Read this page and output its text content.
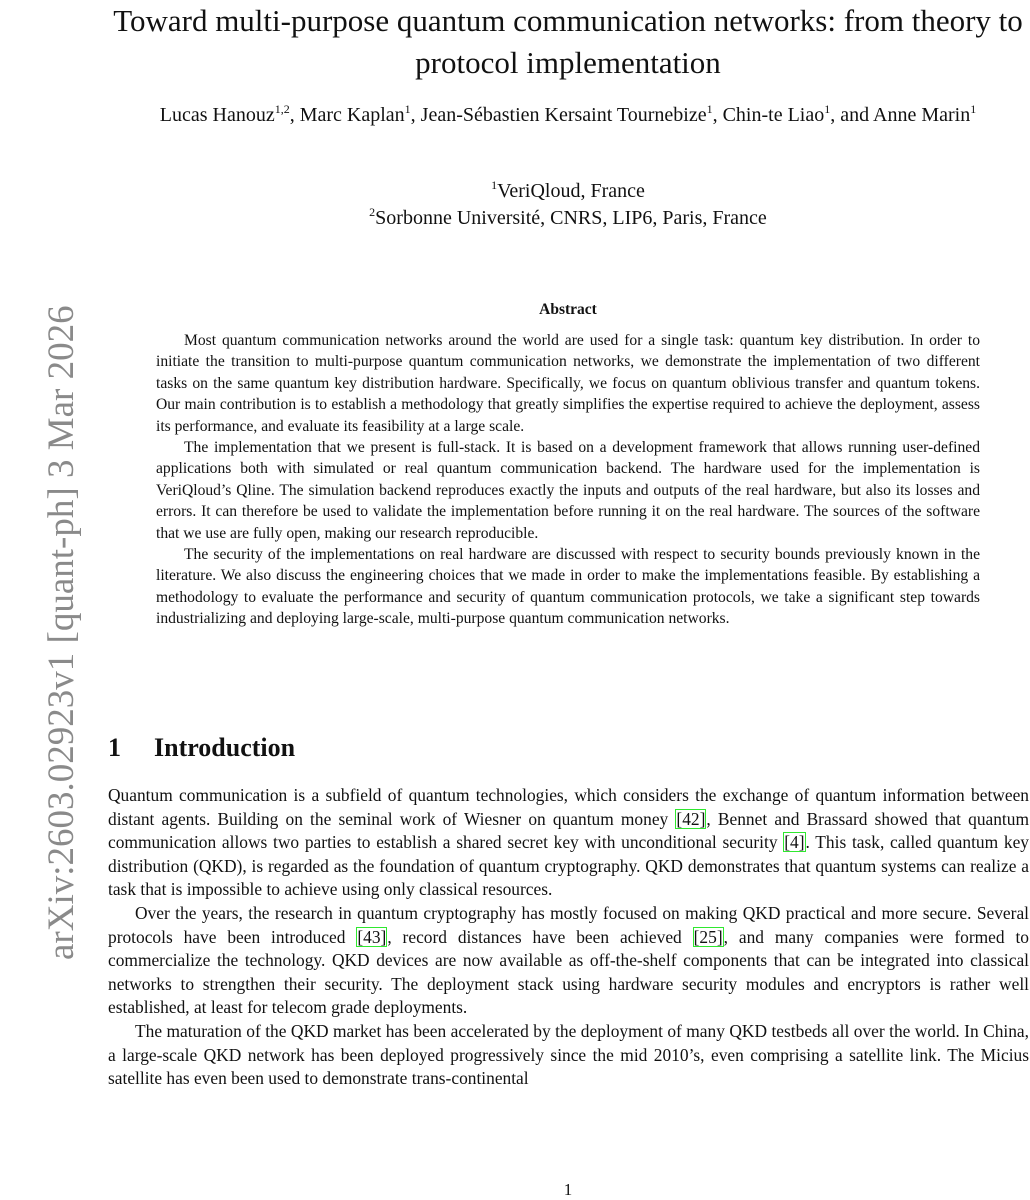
arXiv:2603.02923v1 [quant-ph] 3 Mar 2026
Toward multi-purpose quantum communication networks: from theory to protocol implementation
Lucas Hanouz$^{1,2}$, Marc Kaplan$^1$, Jean-Sébastien Kersaint Tournebize$^1$, Chin-te Liao$^1$, and Anne Marin$^1$
$^1$VeriQloud, France
$^2$Sorbonne Université, CNRS, LIP6, Paris, France
Abstract

Most quantum communication networks around the world are used for a single task: quantum key distribution. In order to initiate the transition to multi-purpose quantum communication networks, we demonstrate the implementation of two different tasks on the same quantum key distribution hardware. Specifically, we focus on quantum oblivious transfer and quantum tokens. Our main contribution is to establish a methodology that greatly simplifies the expertise required to achieve the deployment, assess its performance, and evaluate its feasibility at a large scale.

The implementation that we present is full-stack. It is based on a development framework that allows running user-defined applications both with simulated or real quantum communication backend. The hardware used for the implementation is VeriQloud’s Qline. The simulation backend reproduces exactly the inputs and outputs of the real hardware, but also its losses and errors. It can therefore be used to validate the implementation before running it on the real hardware. The sources of the software that we use are fully open, making our research reproducible.

The security of the implementations on real hardware are discussed with respect to security bounds previously known in the literature. We also discuss the engineering choices that we made in order to make the implementations feasible. By establishing a methodology to evaluate the performance and security of quantum communication protocols, we take a significant step towards industrializing and deploying large-scale, multi-purpose quantum communication networks.

1 Introduction

Quantum communication is a subfield of quantum technologies, which considers the exchange of quantum information between distant agents. Building on the seminal work of Wiesner on quantum money [42], Bennet and Brassard showed that quantum communication allows two parties to establish a shared secret key with unconditional security [4]. This task, called quantum key distribution (QKD), is regarded as the foundation of quantum cryptography. QKD demonstrates that quantum systems can realize a task that is impossible to achieve using only classical resources.

Over the years, the research in quantum cryptography has mostly focused on making QKD practical and more secure. Several protocols have been introduced [43], record distances have been achieved [25], and many companies were formed to commercialize the technology. QKD devices are now available as off-the-shelf components that can be integrated into classical networks to strengthen their security. The deployment stack using hardware security modules and encryptors is rather well established, at least for telecom grade deployments.

The maturation of the QKD market has been accelerated by the deployment of many QKD testbeds all over the world. In China, a large-scale QKD network has been deployed progressively since the mid 2010’s, even comprising a satellite link. The Micius satellite has even been used to demonstrate trans-continental

1
